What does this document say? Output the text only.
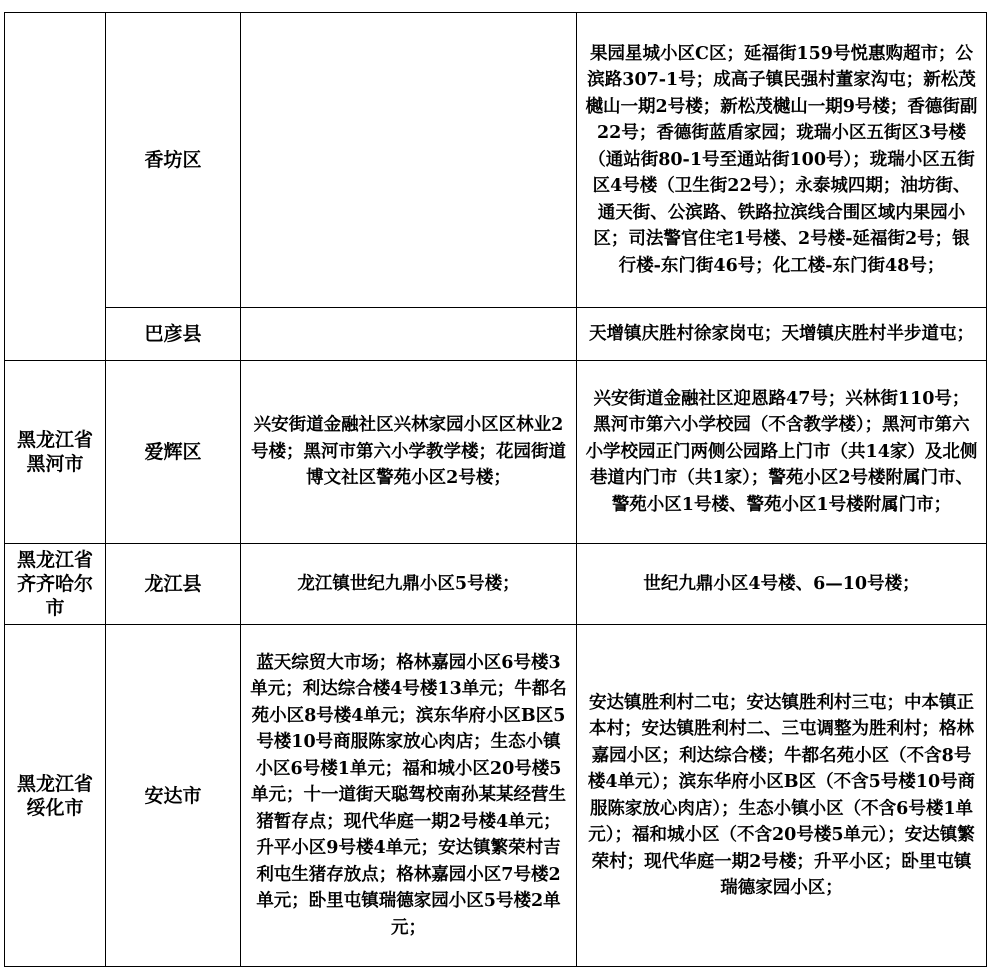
	香坊区		果园星城小区C区；延福街159号悦惠购超市；公滨路307-1号；成高子镇民强村董家沟屯；新松茂樾山一期2号楼；新松茂樾山一期9号楼；香德街副22号；香德街蓝盾家园；珑瑞小区五街区3号楼（通站街80-1号至通站街100号）；珑瑞小区五街区4号楼（卫生街22号）；永泰城四期；油坊街、通天街、公滨路、铁路拉滨线合围区域内果园小区；司法警官住宅1号楼、2号楼-延福街2号；银行楼-东门街46号；化工楼-东门街48号；
	巴彦县		天增镇庆胜村徐家岗屯；天增镇庆胜村半步道屯；
黑龙江省黑河市	爱辉区	兴安街道金融社区兴林家园小区区林业2号楼；黑河市第六小学教学楼；花园街道博文社区警苑小区2号楼；	兴安街道金融社区迎恩路47号；兴林街110号；黑河市第六小学校园（不含教学楼）；黑河市第六小学校园正门两侧公园路上门市（共14家）及北侧巷道内门市（共1家）；警苑小区2号楼附属门市、警苑小区1号楼、警苑小区1号楼附属门市；
黑龙江省齐齐哈尔市	龙江县	龙江镇世纪九鼎小区5号楼；	世纪九鼎小区4号楼、6—10号楼；
黑龙江省绥化市	安达市	蓝天综贸大市场；格林嘉园小区6号楼3单元；利达综合楼4号楼13单元；牛都名苑小区8号楼4单元；滨东华府小区B区5号楼10号商服陈家放心肉店；生态小镇小区6号楼1单元；福和城小区20号楼5单元；十一道街天聪驾校南孙某某经营生猪暂存点；现代华庭一期2号楼4单元；升平小区9号楼4单元；安达镇繁荣村吉利屯生猪存放点；格林嘉园小区7号楼2单元；卧里屯镇瑞德家园小区5号楼2单元；	安达镇胜利村二屯；安达镇胜利村三屯；中本镇正本村；安达镇胜利村二、三屯调整为胜利村；格林嘉园小区；利达综合楼；牛都名苑小区（不含8号楼4单元）；滨东华府小区B区（不含5号楼10号商服陈家放心肉店）；生态小镇小区（不含6号楼1单元）；福和城小区（不含20号楼5单元）；安达镇繁荣村；现代华庭一期2号楼；升平小区；卧里屯镇瑞德家园小区；
